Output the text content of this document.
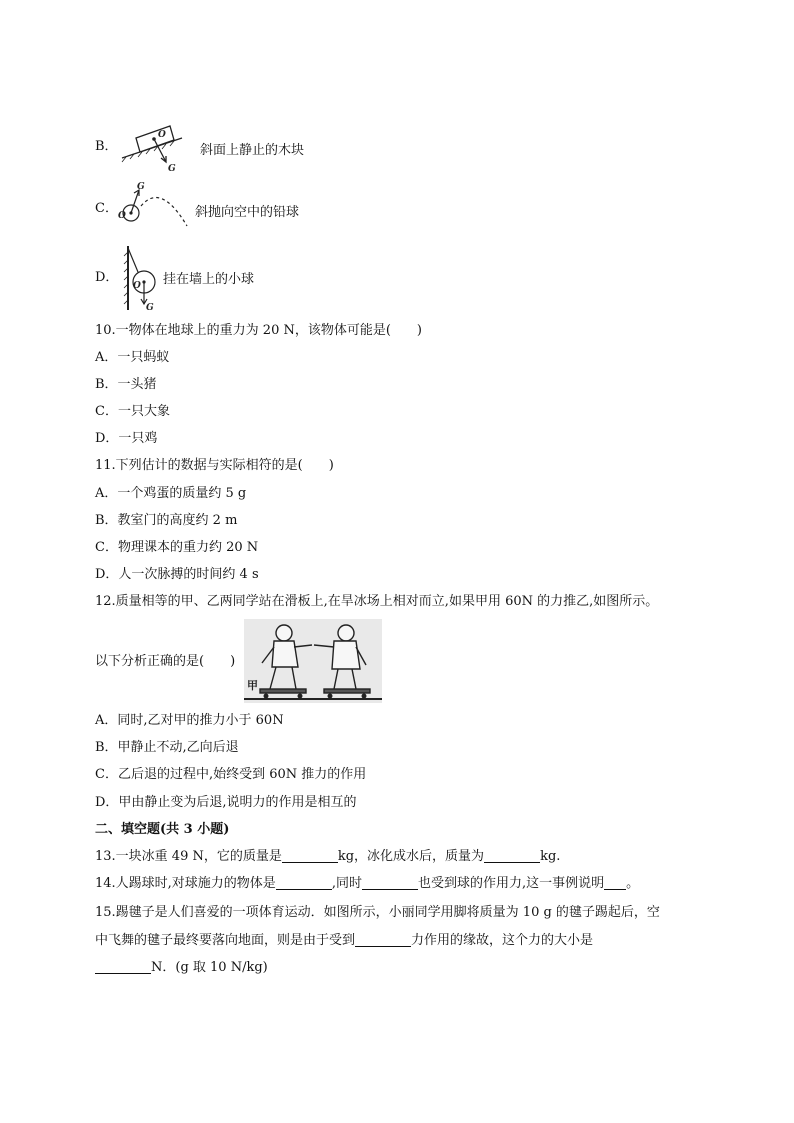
B．
O
G
斜面上静止的木块
C． O
G
斜抛向空中的铅球
D．
O
G
挂在墙上的小球
10.一物体在地球上的重力为 20 N，该物体可能是(　　)
A．一只蚂蚁
B．一头猪
C．一只大象
D．一只鸡
11.下列估计的数据与实际相符的是(　　)
A．一个鸡蛋的质量约 5 g
B．教室门的高度约 2 m
C．物理课本的重力约 20 N
D．人一次脉搏的时间约 4 s
12.质量相等的甲、乙两同学站在滑板上,在旱冰场上相对而立,如果甲用 60N 的力推乙,如图所示。
甲
以下分析正确的是(　　)
A．同时,乙对甲的推力小于 60N
B．甲静止不动,乙向后退
C．乙后退的过程中,始终受到 60N 推力的作用
D．甲由静止变为后退,说明力的作用是相互的
二、填空题(共 3 小题)
13.一块冰重 49 N，它的质量是	kg，冰化成水后，质量为	kg.
14.人踢球时,对球施力的物体是	,同时	也受到球的作用力,这一事例说明 。
15.踢毽子是人们喜爱的一项体育运动．如图所示，小丽同学用脚将质量为 10 g 的毽子踢起后，空
中飞舞的毽子最终要落向地面，则是由于受到	力作用的缘故，这个力的大小是
N．(g 取 10 N/kg)
